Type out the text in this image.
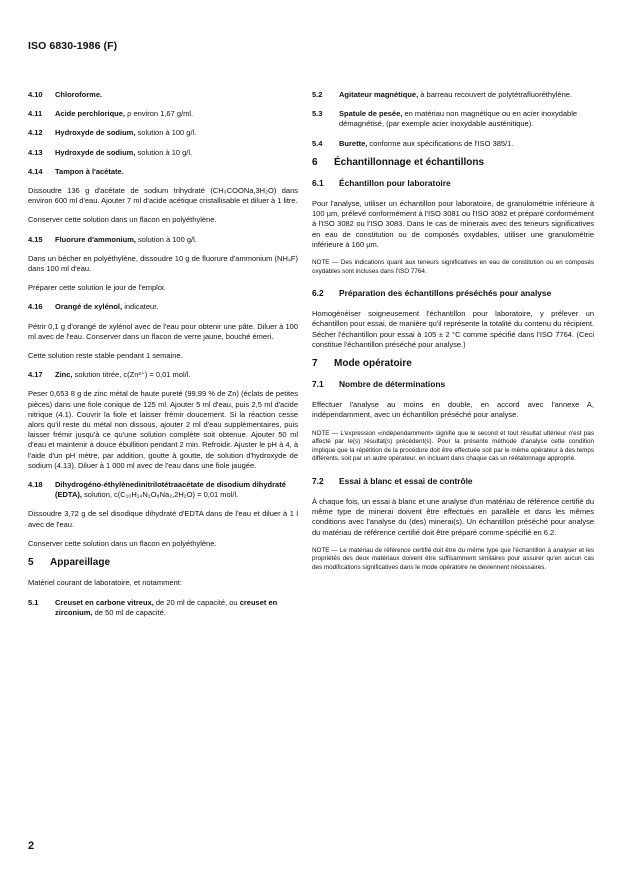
ISO 6830-1986 (F)
4.10	Chloroforme.
4.11	Acide perchlorique, ρ environ 1,67 g/ml.
4.12	Hydroxyde de sodium, solution à 100 g/l.
4.13	Hydroxyde de sodium, solution à 10 g/l.
4.14	Tampon à l'acétate.

Dissoudre 136 g d'acétate de sodium trihydraté (CH₃COONa,3H₂O) dans environ 600 ml d'eau. Ajouter 7 ml d'acide acétique cristallisable et diluer à 1 litre.

Conserver cette solution dans un flacon en polyéthylène.

4.15	Fluorure d'ammonium, solution à 100 g/l.

Dans un bécher en polyéthylène, dissoudre 10 g de fluorure d'ammonium (NH₄F) dans 100 ml d'eau.

Préparer cette solution le jour de l'emploi.

4.16	Orangé de xylénol, indicateur.

Pétrir 0,1 g d'orangé de xylénol avec de l'eau pour obtenir une pâte. Diluer à 100 ml avec de l'eau. Conserver dans un flacon de verre jaune, bouché émeri.

Cette solution reste stable pendant 1 semaine.

4.17	Zinc, solution titrée, c(Zn²⁺) = 0,01 mol/l.

Peser 0,653 8 g de zinc métal de haute pureté (99,99 % de Zn) (éclats de petites pièces) dans une fiole conique de 125 ml. Ajouter 5 ml d'eau, puis 2,5 ml d'acide nitrique (4.1). Couvrir la fiole et laisser frémir doucement. Si la réaction cesse alors qu'il reste du métal non dissous, ajouter 2 ml d'eau supplémentaires, puis laisser frémir jusqu'à ce qu'une solution complète soit obtenue. Ajouter 50 ml d'eau et maintenir à douce ébullition pendant 2 min. Refroidir. Ajuster le pH à 4, à l'aide d'un pH mètre, par addition, goutte à goutte, de solution d'hydroxyde de sodium (4.13). Diluer à 1 000 ml avec de l'eau dans une fiole jaugée.

4.18	Dihydrogéno-éthylènedinitrilotétraacétate de disodium dihydraté (EDTA), solution, c(C₁₀H₁₄N₂O₈Na₂,2H₂O) = 0,01 mol/l.

Dissoudre 3,72 g de sel disodique dihydraté d'EDTA dans de l'eau et diluer à 1 l avec de l'eau.

Conserver cette solution dans un flacon en polyéthylène.

5	Appareillage

Matériel courant de laboratoire, et notamment:

5.1	Creuset en carbone vitreux, de 20 ml de capacité, ou creuset en zirconium, de 50 ml de capacité.
5.2	Agitateur magnétique, à barreau recouvert de polytétrafluoréthylène.
5.3	Spatule de pesée, en matériau non magnétique ou en acier inoxydable démagnétisé, (par exemple acier inoxydable austénitique).
5.4	Burette, conforme aux spécifications de l'ISO 385/1.
6	Échantillonnage et échantillons
6.1	Échantillon pour laboratoire

Pour l'analyse, utiliser un échantillon pour laboratoire, de granulométrie inférieure à 100 µm, prélevé conformément à l'ISO 3081 ou l'ISO 3082 et préparé conformément à l'ISO 3082 ou l'ISO 3083. Dans le cas de minerais avec des teneurs significatives en eau de constitution ou de composés oxydables, utiliser une granulométrie inférieure à 160 µm.

NOTE — Des indications quant aux teneurs significatives en eau de constitution ou en composés oxydables sont incluses dans l'ISO 7764.
6.2	Préparation des échantillons préséchés pour analyse

Homogénéiser soigneusement l'échantillon pour laboratoire, y prélever un échantillon pour essai, de manière qu'il représente la totalité du contenu du récipient. Sécher l'échantillon pour essai à 105 ± 2 °C comme spécifié dans l'ISO 7764. (Ceci constitue l'échantillon préséché pour analyse.)

7	Mode opératoire
7.1	Nombre de déterminations

Effectuer l'analyse au moins en double, en accord avec l'annexe A, indépendamment, avec un échantillon préséché pour analyse.

NOTE — L'expression «indépendamment» signifie que le second et tout résultat ultérieur n'est pas affecté par le(s) résultat(s) précédent(s). Pour la présente méthode d'analyse cette condition implique que la répétition de la procédure doit être effectuée soit par le même opérateur à des temps différents, soit par un autre opérateur, en incluant dans chaque cas un réétalonnage approprié.
7.2	Essai à blanc et essai de contrôle

À chaque fois, un essai à blanc et une analyse d'un matériau de référence certifié du même type de minerai doivent être effectués en parallèle et dans les mêmes conditions avec l'analyse du (des) minerai(s). Un échantillon préséché pour analyse du matériau de référence certifié doit être préparé comme spécifié en 6.2.

NOTE — Le matériau de référence certifié doit être du même type que l'échantillon à analyser et les propriétés des deux matériaux doivent être suffisamment similaires pour assurer qu'en aucun cas des modifications significatives dans le mode opératoire ne deviennent nécessaires.
2
